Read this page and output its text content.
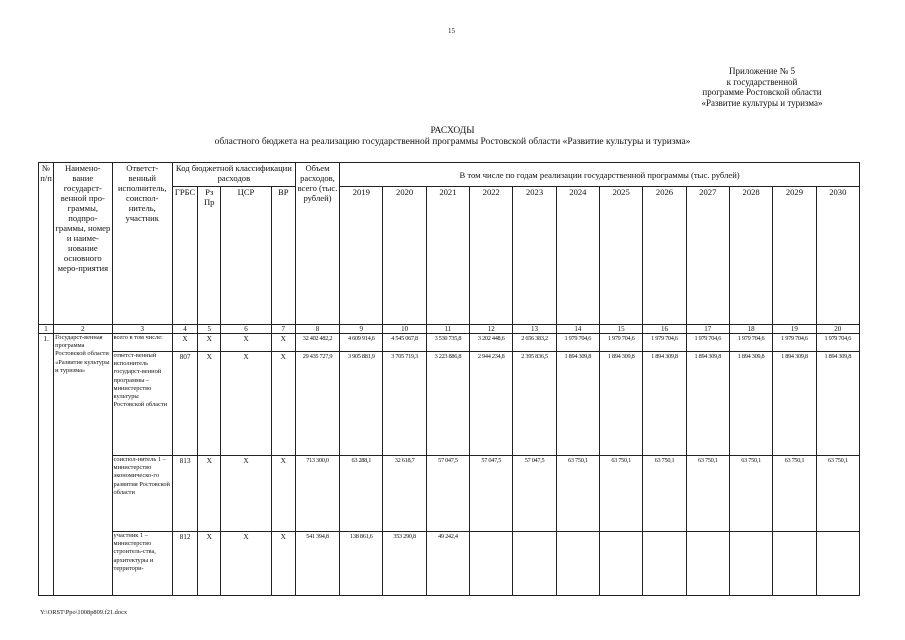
15
Приложение № 5
к государственной
программе Ростовской области
«Развитие культуры и туризма»
РАСХОДЫ
областного бюджета на реализацию государственной программы Ростовской области «Развитие культуры и туризма»
№ п/п	Наимено-вание государст-венной про-граммы, подпро-граммы, номер и наиме-нование основного меро-приятия	Ответст-венный исполнитель, соиспол-нитель, участник	Код бюджетной классификации расходов				Объем расходов, всего (тыс. рублей)	В том числе по годам реализации государственной программы (тыс. рублей)											
			ГРБС	Рз Пр	ЦСР	ВР		2019	2020	2021	2022	2023	2024	2025	2026	2027	2028	2029	2030
1	2	3	4	5	6	7	8	9	10	11	12	13	14	15	16	17	18	19	20
1.	Государст-венная программа Ростовской области «Развитие культуры и туризма»	всего в том числе:	Х	Х	Х	Х	32 402 482,2	4 609 914,6	4 545 067,8	3 530 735,8	3 202 448,6	2 656 383,2	1 979 704,6	1 979 704,6	1 979 704,6	1 979 704,6	1 979 704,6	1 979 704,6	1 979 704,6
		ответст-венный исполнитель государст-венной программы – министерство культуры Ростовской области	807	Х	Х	Х	29 435 727,9	3 905 881,9	3 705 719,3	3 223 886,8	2 944 234,8	2 395 836,5	1 894 309,8	1 894 309,8	1 894 309,8	1 894 309,8	1 894 309,8	1 894 309,8	1 894 309,8
		соиспол-нитель 1 – министерство экономическо-го развития Ростовской области	813	Х	Х	Х	713 300,0	63 288,1	32 618,7	57 047,5	57 047,5	57 047,5	63 750,1	63 750,1	63 750,1	63 750,1	63 750,1	63 750,1	63 750,1
		участник 1 – министерство строитель-ства, архитектуры и территори-	812	Х	Х	Х	541 394,8	138 861,6	353 290,8	49 242,4									
Y:\ORST\Ppo\1008p809.f21.docx
